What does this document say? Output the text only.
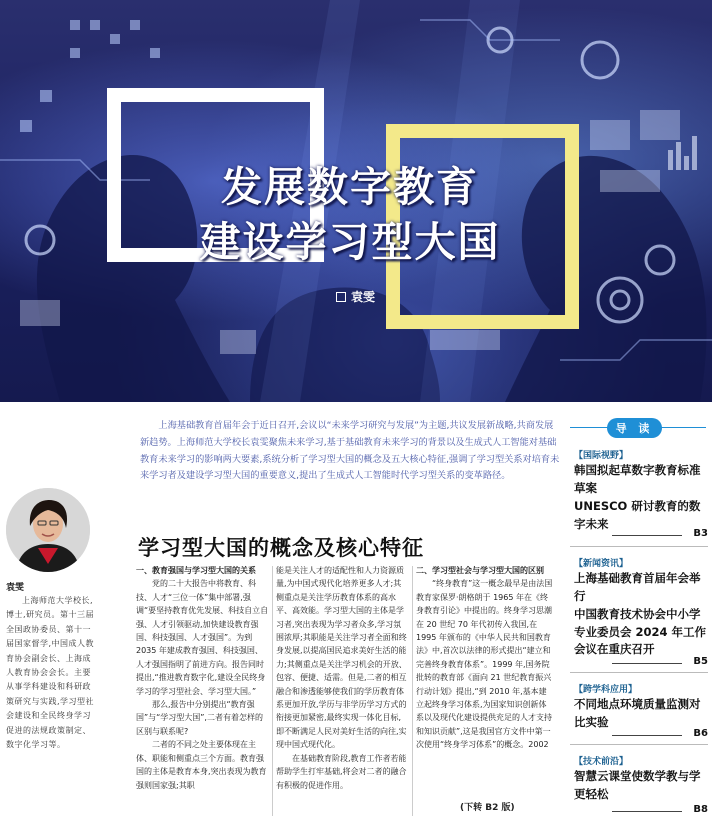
发展数字教育
建设学习型大国
袁雯
袁雯
上海师范大学校长,博士,研究员。第十三届全国政协委员、第十一届国家督学,中国成人教育协会副会长、上海成人教育协会会长。主要从事学科建设和科研政策研究与实践,学习型社会建设和全民终身学习促进的法规政策制定、数字化学习等。
上海基础教育首届年会于近日召开,会议以“未来学习研究与发展”为主题,共议发展新战略,共商发展新趋势。上海师范大学校长袁雯聚焦未来学习,基于基础教育未来学习的背景以及生成式人工智能对基础教育未来学习的影响两大要素,系统分析了学习型大国的概念及五大核心特征,强调了学习型关系对培育未来学习者及建设学习型大国的重要意义,提出了生成式人工智能时代学习型关系的变革路径。
学习型大国的概念及核心特征
一、教育强国与学习型大国的关系

党的二十大报告中将教育、科技、人才“三位一体”集中部署,强调“要坚持教育优先发展、科技自立自强、人才引领驱动,加快建设教育强国、科技强国、人才强国”。为到 2035 年建成教育强国、科技强国、人才强国指明了前进方向。报告同时提出,“推进教育数字化,建设全民终身学习的学习型社会、学习型大国。”

那么,报告中分别提出“教育强国”与“学习型大国”,二者有着怎样的区别与联系呢?

二者的不同之处主要体现在主体、职能和侧重点三个方面。教育强国的主体是教育本身,突出表现为教育强则国家强;其职

能是关注人才的适配性和人力资源质量,为中国式现代化培养更多人才;其侧重点是关注学历教育体系的高水平、高效能。学习型大国的主体是学习者,突出表现为学习者众多,学习氛围浓厚;其职能是关注学习者全面和终身发展,以提高国民追求美好生活的能力;其侧重点是关注学习机会的开放、包容、便捷、适需。但是,二者的相互融合和渗透能够使我们的学历教育体系更加开放,学历与非学历学习方式的衔接更加紧密,最终实现一体化目标,即不断满足人民对美好生活的向往,实现中国式现代化。

在基础教育阶段,教育工作者若能帮助学生打牢基础,将会对二者的融合有积极的促进作用。

二、学习型社会与学习型大国的区别

“终身教育”这一概念最早是由法国教育家保罗·朗格朗于 1965 年在《终身教育引论》中提出的。终身学习思潮在 20 世纪 70 年代初传入我国,在 1995 年颁布的《中华人民共和国教育法》中,首次以法律的形式提出“建立和完善终身教育体系”。1999 年,国务院批转的教育部《面向 21 世纪教育振兴行动计划》提出,“到 2010 年,基本建立起终身学习体系,为国家知识创新体系以及现代化建设提供充足的人才支持和知识贡献”,这是我国官方文件中第一次使用“终身学习体系”的概念。2002

(下转 B2 版)
导 读
【国际视野】
韩国拟起草数字教育标准草案
UNESCO 研讨教育的数字未来
B3
【新闻资讯】
上海基础教育首届年会举行
中国教育技术协会中小学专业委员会 2024 年工作会议在重庆召开
B5
【跨学科应用】
不同地点环境质量监测对比实验
B6
【技术前沿】
智慧云课堂使数学教与学更轻松
B8
